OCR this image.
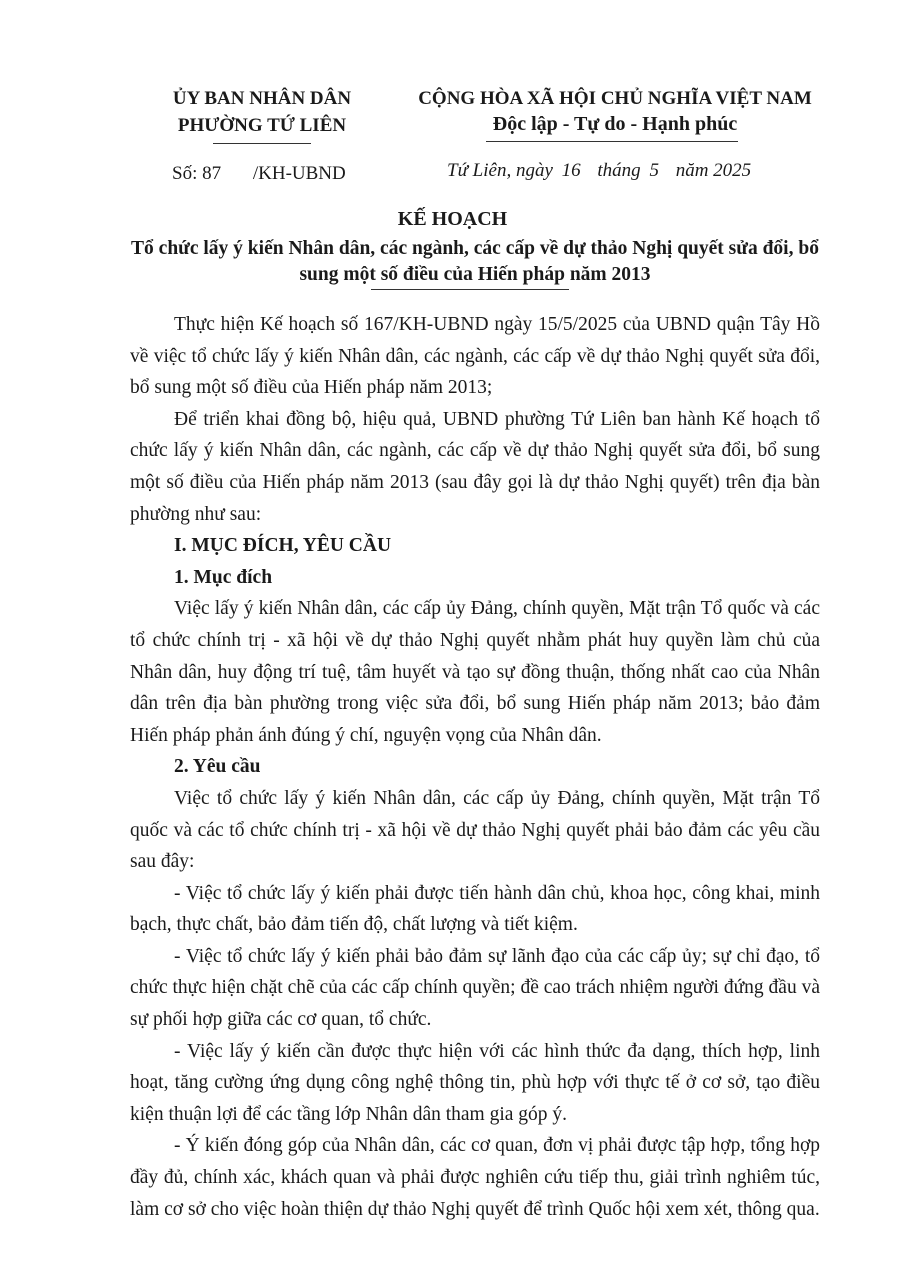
ỦY BAN NHÂN DÂN
PHƯỜNG TỨ LIÊN
CỘNG HÒA XÃ HỘI CHỦ NGHĨA VIỆT NAM
Độc lập - Tự do - Hạnh phúc
Số: 87 /KH-UBND	Tứ Liên, ngày 16 tháng 5 năm 2025
KẾ HOẠCH
Tổ chức lấy ý kiến Nhân dân, các ngành, các cấp về dự thảo Nghị quyết sửa đổi, bổ sung một số điều của Hiến pháp năm 2013

Thực hiện Kế hoạch số 167/KH-UBND ngày 15/5/2025 của UBND quận Tây Hồ về việc tổ chức lấy ý kiến Nhân dân, các ngành, các cấp về dự thảo Nghị quyết sửa đổi, bổ sung một số điều của Hiến pháp năm 2013;

Để triển khai đồng bộ, hiệu quả, UBND phường Tứ Liên ban hành Kế hoạch tổ chức lấy ý kiến Nhân dân, các ngành, các cấp về dự thảo Nghị quyết sửa đổi, bổ sung một số điều của Hiến pháp năm 2013 (sau đây gọi là dự thảo Nghị quyết) trên địa bàn phường như sau:

I. MỤC ĐÍCH, YÊU CẦU
1. Mục đích

Việc lấy ý kiến Nhân dân, các cấp ủy Đảng, chính quyền, Mặt trận Tổ quốc và các tổ chức chính trị - xã hội về dự thảo Nghị quyết nhằm phát huy quyền làm chủ của Nhân dân, huy động trí tuệ, tâm huyết và tạo sự đồng thuận, thống nhất cao của Nhân dân trên địa bàn phường trong việc sửa đổi, bổ sung Hiến pháp năm 2013; bảo đảm Hiến pháp phản ánh đúng ý chí, nguyện vọng của Nhân dân.

2. Yêu cầu

Việc tổ chức lấy ý kiến Nhân dân, các cấp ủy Đảng, chính quyền, Mặt trận Tổ quốc và các tổ chức chính trị - xã hội về dự thảo Nghị quyết phải bảo đảm các yêu cầu sau đây:

- Việc tổ chức lấy ý kiến phải được tiến hành dân chủ, khoa học, công khai, minh bạch, thực chất, bảo đảm tiến độ, chất lượng và tiết kiệm.

- Việc tổ chức lấy ý kiến phải bảo đảm sự lãnh đạo của các cấp ủy; sự chỉ đạo, tổ chức thực hiện chặt chẽ của các cấp chính quyền; đề cao trách nhiệm người đứng đầu và sự phối hợp giữa các cơ quan, tổ chức.

- Việc lấy ý kiến cần được thực hiện với các hình thức đa dạng, thích hợp, linh hoạt, tăng cường ứng dụng công nghệ thông tin, phù hợp với thực tế ở cơ sở, tạo điều kiện thuận lợi để các tầng lớp Nhân dân tham gia góp ý.

- Ý kiến đóng góp của Nhân dân, các cơ quan, đơn vị phải được tập hợp, tổng hợp đầy đủ, chính xác, khách quan và phải được nghiên cứu tiếp thu, giải trình nghiêm túc, làm cơ sở cho việc hoàn thiện dự thảo Nghị quyết để trình Quốc hội xem xét, thông qua.
